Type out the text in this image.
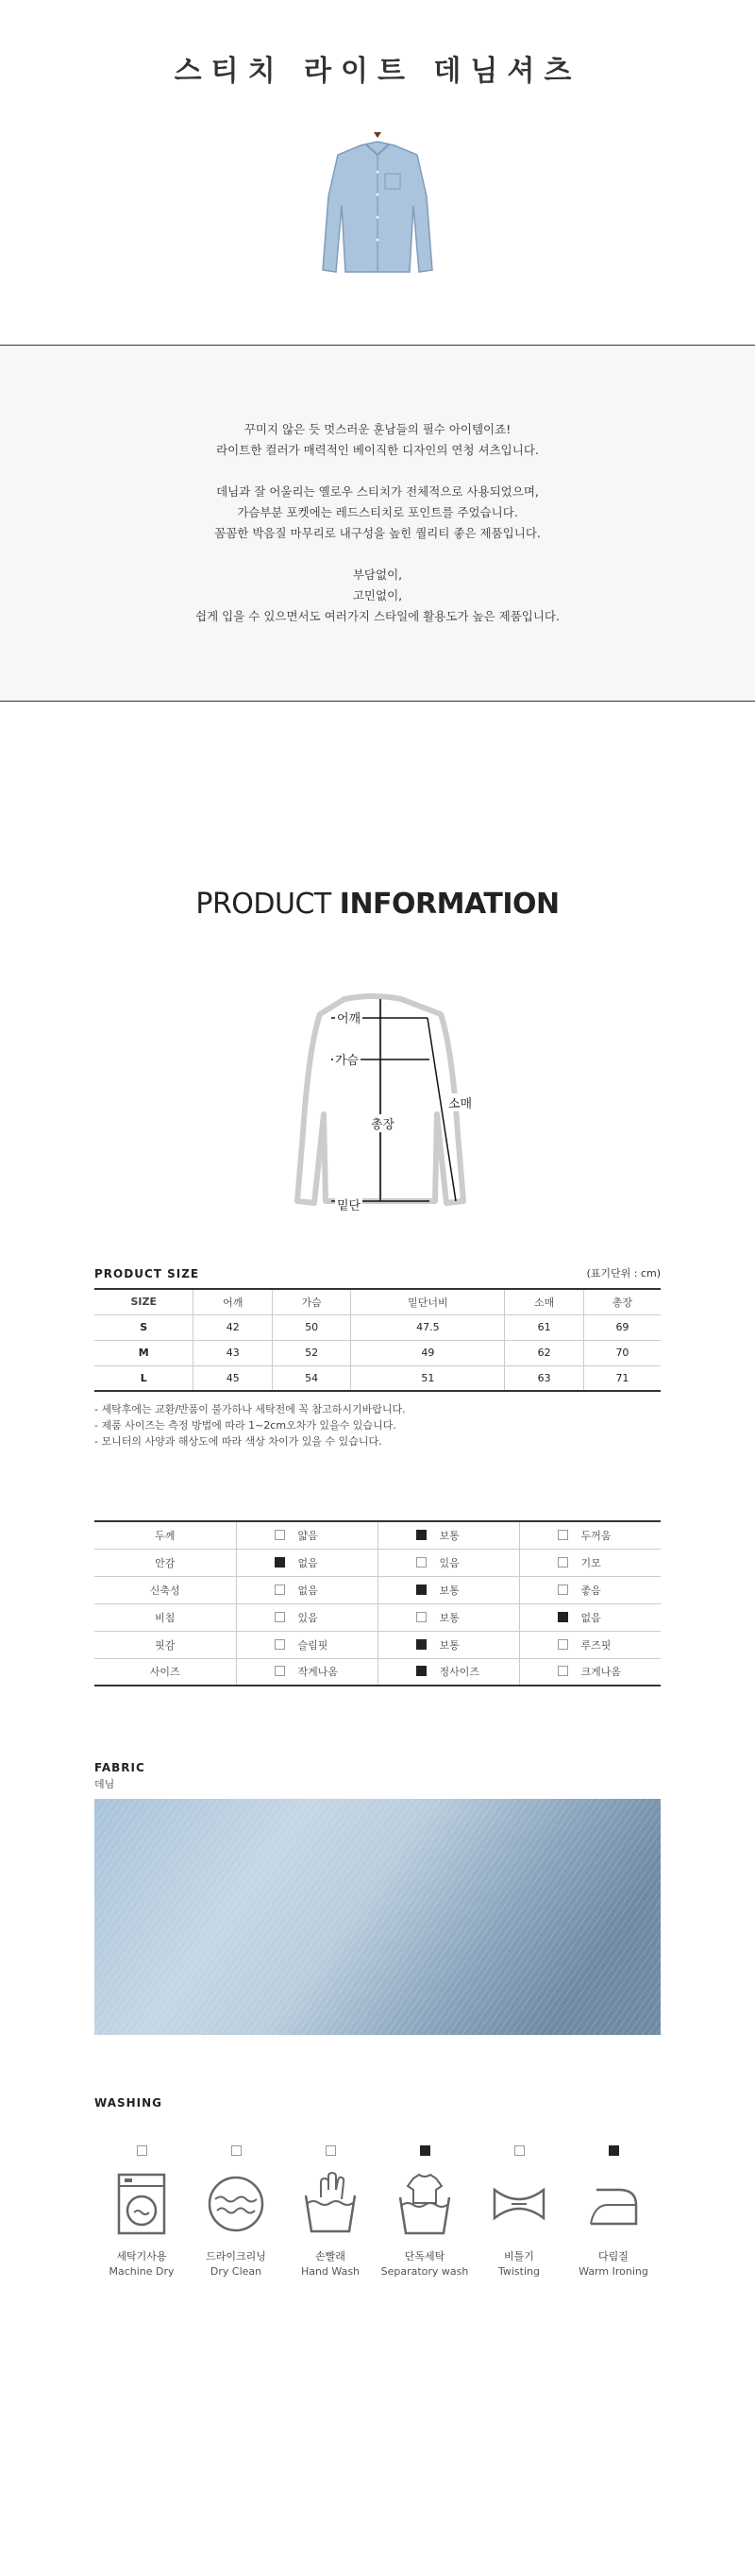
스티치 라이트 데님셔츠
꾸미지 않은 듯 멋스러운 훈남들의 필수 아이템이죠!
라이트한 컬러가 매력적인 베이직한 디자인의 연청 셔츠입니다.
데님과 잘 어울리는 옐로우 스티치가 전체적으로 사용되었으며,
가슴부분 포켓에는 레드스티치로 포인트를 주었습니다.
꼼꼼한 박음질 마무리로 내구성을 높힌 퀄리티 좋은 제품입니다.
부담없이,
고민없이,
쉽게 입을 수 있으면서도 여러가지 스타일에 활용도가 높은 제품입니다.
PRODUCT INFORMATION
어깨
가슴
총장
소매
밑단
PRODUCT SIZE	(표기단위 : cm)
SIZE	어깨	가슴	밑단너비	소매	총장
S	42	50	47.5	61	69
M	43	52	49	62	70
L	45	54	51	63	71
- 세탁후에는 교환/반품이 불가하나 세탁전에 꼭 참고하시기바랍니다.
- 제품 사이즈는 측정 방법에 따라 1~2cm오차가 있을수 있습니다.
- 모니터의 사양과 해상도에 따라 색상 차이가 있을 수 있습니다.
두께	얇음	보통	두꺼움
안감	없음	있음	기모
신축성	없음	보통	좋음
비침	있음	보통	없음
핏감	슬림핏	보통	루즈핏
사이즈	작게나옴	정사이즈	크게나옴
FABRIC
데님
WASHING
세탁기사용
Machine Dry
드라이크리닝
Dry Clean
손빨래
Hand Wash
단독세탁
Separatory wash
비틀기
Twisting
다림질
Warm Ironing
